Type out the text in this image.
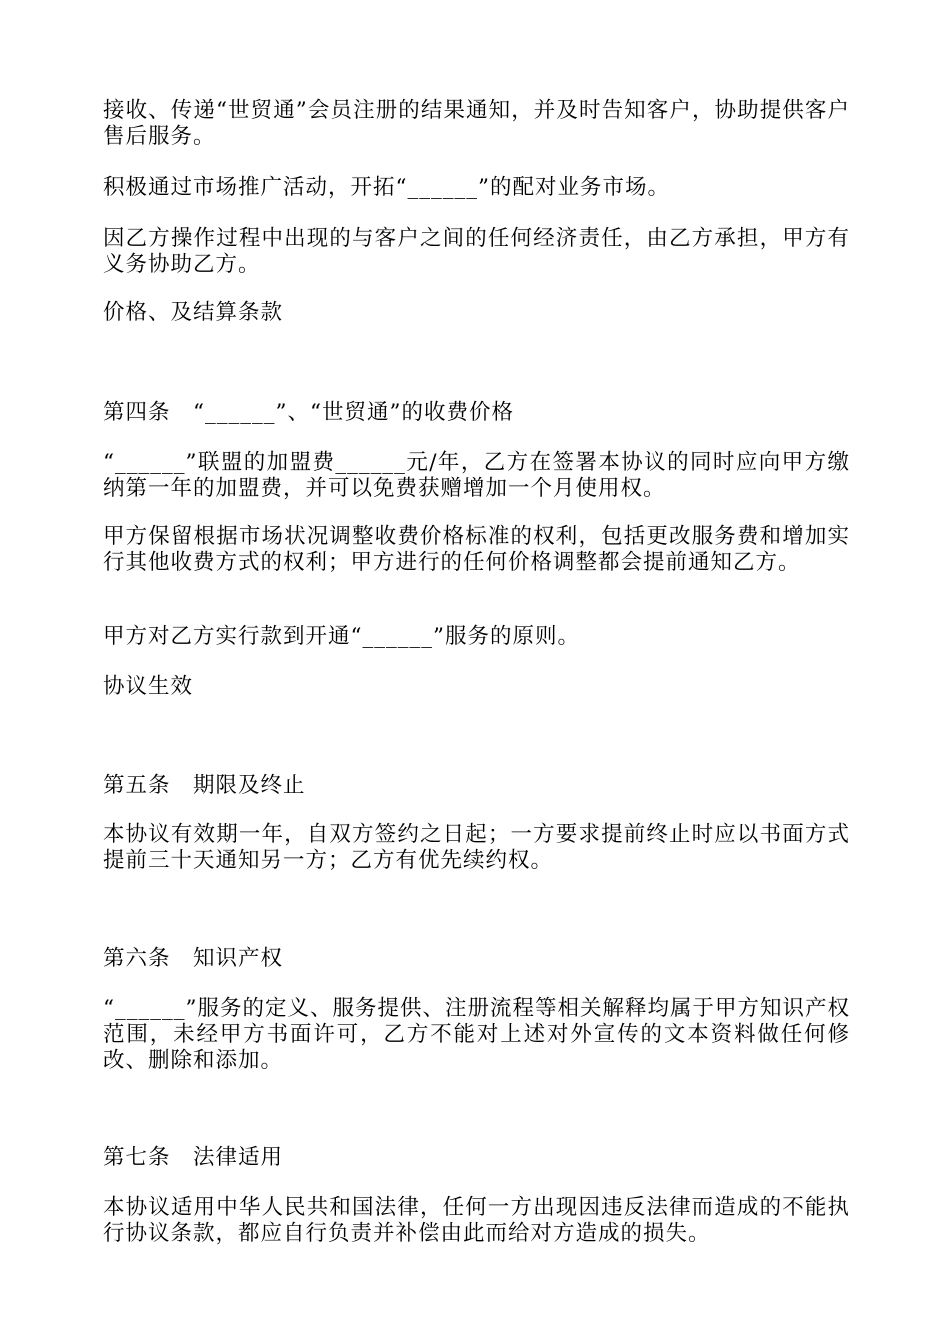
接收、传递“世贸通”会员注册的结果通知，并及时告知客户，协助提供客户售后服务。

积极通过市场推广活动，开拓“______”的配对业务市场。

因乙方操作过程中出现的与客户之间的任何经济责任，由乙方承担，甲方有义务协助乙方。

价格、及结算条款

第四条　“______”、“世贸通”的收费价格

“______”联盟的加盟费______元/年，乙方在签署本协议的同时应向甲方缴纳第一年的加盟费，并可以免费获赠增加一个月使用权。

甲方保留根据市场状况调整收费价格标准的权利，包括更改服务费和增加实行其他收费方式的权利；甲方进行的任何价格调整都会提前通知乙方。

甲方对乙方实行款到开通“______”服务的原则。

协议生效

第五条　期限及终止

本协议有效期一年，自双方签约之日起；一方要求提前终止时应以书面方式提前三十天通知另一方；乙方有优先续约权。

第六条　知识产权

“______”服务的定义、服务提供、注册流程等相关解释均属于甲方知识产权范围，未经甲方书面许可，乙方不能对上述对外宣传的文本资料做任何修改、删除和添加。

第七条　法律适用

本协议适用中华人民共和国法律，任何一方出现因违反法律而造成的不能执行协议条款，都应自行负责并补偿由此而给对方造成的损失。
